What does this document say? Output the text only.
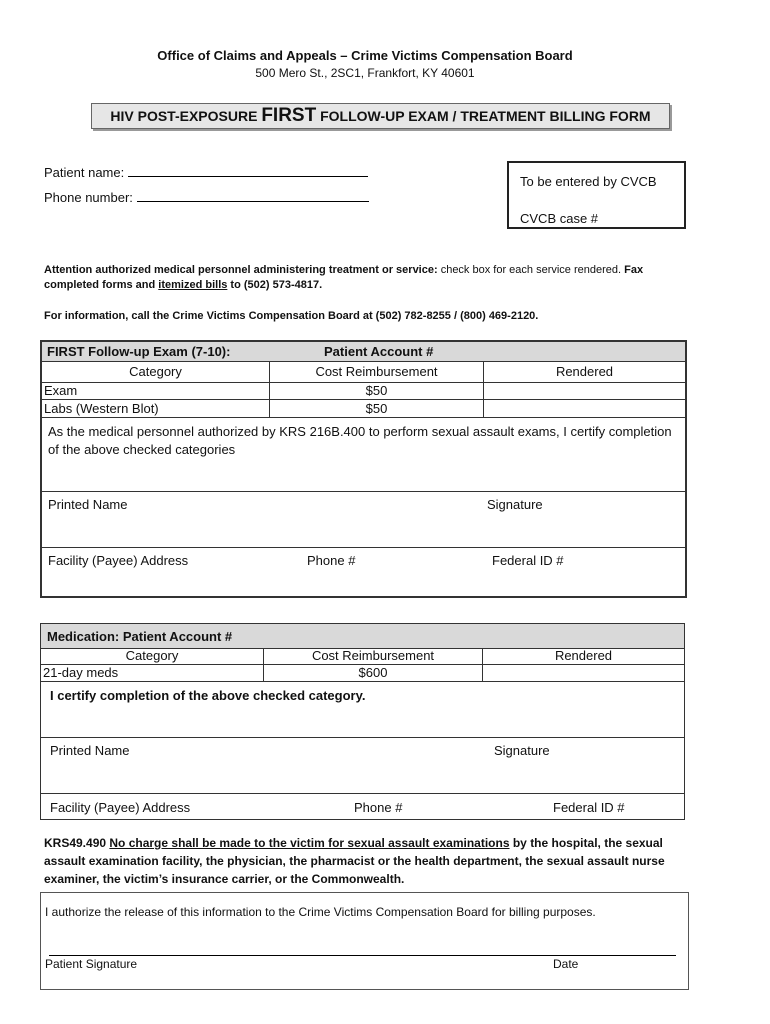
Office of Claims and Appeals – Crime Victims Compensation Board
500 Mero St., 2SC1, Frankfort, KY 40601
HIV POST-EXPOSURE FIRST FOLLOW-UP EXAM / TREATMENT BILLING FORM
Patient name:
Phone number:
To be entered by CVCB
CVCB case #
Attention authorized medical personnel administering treatment or service: check box for each service rendered. Fax completed forms and itemized bills to (502) 573-4817.
For information, call the Crime Victims Compensation Board at (502) 782-8255 / (800) 469-2120.
FIRST Follow-up Exam (7-10):	Patient Account #
Category	Cost Reimbursement	Rendered
Exam	$50
Labs (Western Blot)	$50
As the medical personnel authorized by KRS 216B.400 to perform sexual assault exams, I certify completion of the above checked categories
Printed Name	Signature
Facility (Payee) Address	Phone #	Federal ID #
Medication: Patient Account #
Category	Cost Reimbursement	Rendered
21-day meds	$600
I certify completion of the above checked category.
Printed Name	Signature
Facility (Payee) Address	Phone #	Federal ID #
KRS49.490 No charge shall be made to the victim for sexual assault examinations by the hospital, the sexual assault examination facility, the physician, the pharmacist or the health department, the sexual assault nurse examiner, the victim’s insurance carrier, or the Commonwealth.
I authorize the release of this information to the Crime Victims Compensation Board for billing purposes.
Patient Signature	Date
